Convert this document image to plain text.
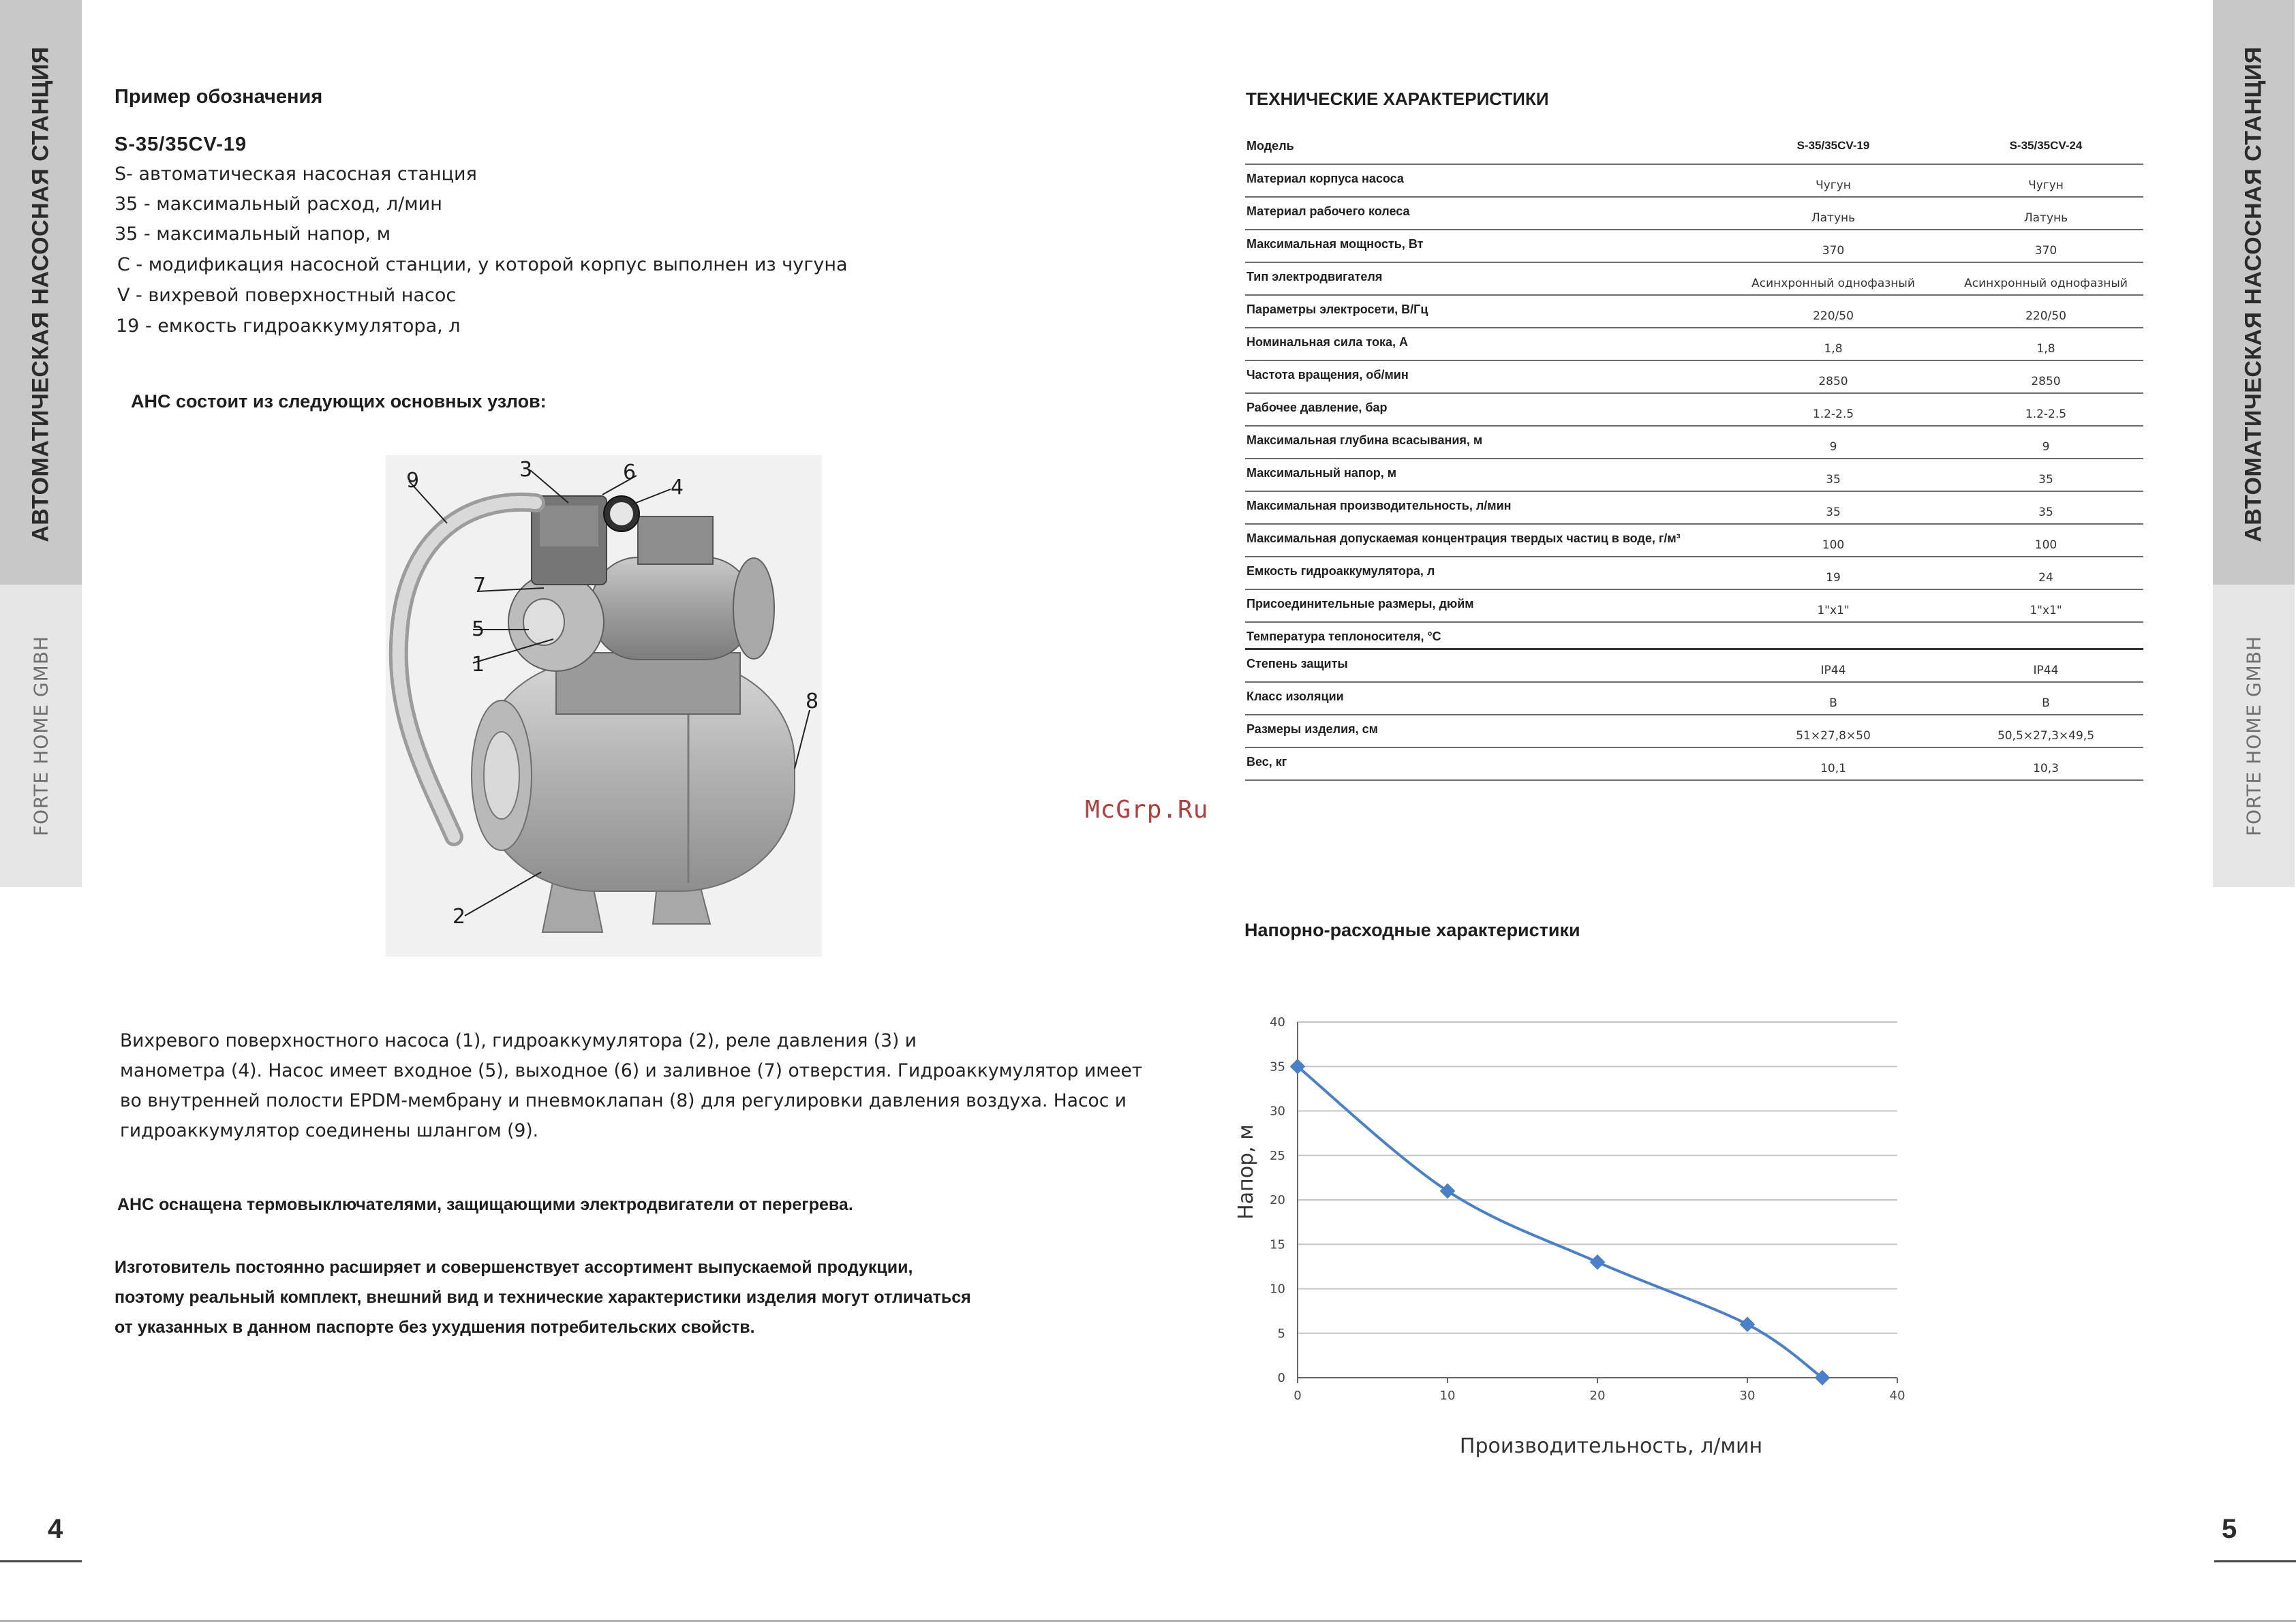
АВТОМАТИЧЕСКАЯ НАСОСНАЯ СТАНЦИЯ
FORTE HOME GMBH
АВТОМАТИЧЕСКАЯ НАСОСНАЯ СТАНЦИЯ
FORTE HOME GMBH
4	5
Пример обозначения
S-35/35CV-19
S- автоматическая насосная станция
35 - максимальный расход, л/мин
35 - максимальный напор, м
С - модификация насосной станции, у которой корпус выполнен из чугуна
V - вихревой поверхностный насос
19 - емкость гидроаккумулятора, л
АНС состоит из следующих основных узлов:
9	3	6
4
7
5
1
8
2
Вихревого поверхностного насоса (1), гидроаккумулятора (2), реле давления (3) и
манометра (4). Насос имеет входное (5), выходное (6) и заливное (7) отверстия. Гидроаккумулятор имеет
во внутренней полости EPDM-мембрану и пневмоклапан (8) для регулировки давления воздуха. Насос и
гидроаккумулятор соединены шлангом (9).
АНС оснащена термовыключателями, защищающими электродвигатели от перегрева.
Изготовитель постоянно расширяет и совершенствует ассортимент выпускаемой продукции,
поэтому реальный комплект, внешний вид и технические характеристики изделия могут отличаться
от указанных в данном паспорте без ухудшения потребительских свойств.
McGrp.Ru
ТЕХНИЧЕСКИЕ ХАРАКТЕРИСТИКИ
Модель	S-35/35CV-19	S-35/35CV-24
Материал корпуса насоса	Чугун	Чугун
Материал рабочего колеса	Латунь	Латунь
Максимальная мощность, Вт	370	370
Тип электродвигателя	Асинхронный однофазный	Асинхронный однофазный
Параметры электросети, В/Гц	220/50	220/50
Номинальная сила тока, А	1,8	1,8
Частота вращения, об/мин	2850	2850
Рабочее давление, бар	1.2-2.5	1.2-2.5
Максимальная глубина всасывания, м	9	9
Максимальный напор, м	35	35
Максимальная производительность, л/мин	35	35
Максимальная допускаемая концентрация твердых частиц в воде, г/м³	100	100
Емкость гидроаккумулятора, л	19	24
Присоединительные размеры, дюйм	1"х1"	1"х1"
Температура теплоносителя, °С
Степень защиты	IP44	IP44
Класс изоляции	В	В
Размеры изделия, см	51×27,8×50	50,5×27,3×49,5
Вес, кг	10,1	10,3
Напорно-расходные характеристики
0
5
10
15
20
25
30
35
40
0	10	20	30	40
Производительность, л/мин
Напор, м
